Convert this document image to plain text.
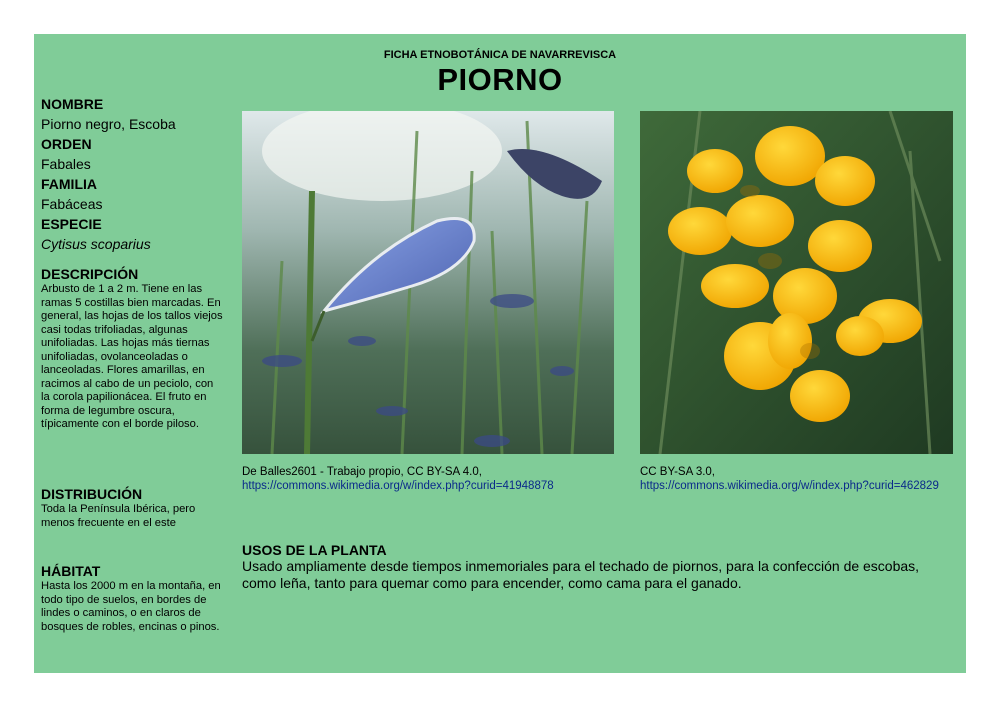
FICHA ETNOBOTÁNICA DE NAVARREVISCA
PIORNO
NOMBRE
Piorno negro, Escoba
ORDEN
Fabales
FAMILIA
Fabáceas
ESPECIE
Cytisus scoparius
DESCRIPCIÓN
Arbusto de 1 a 2 m. Tiene en las ramas 5 costillas bien marcadas. En general, las hojas de los tallos viejos casi todas trifoliadas, algunas unifoliadas. Las hojas más tiernas unifoliadas, ovolanceoladas o lanceoladas. Flores amarillas, en racimos al cabo de un peciolo, con la corola papilionácea. El fruto en forma de legumbre oscura, típicamente con el borde piloso.
DISTRIBUCIÓN
Toda la Península Ibérica, pero menos frecuente en el este
HÁBITAT
Hasta los 2000 m en la montaña, en todo tipo de suelos, en bordes de lindes o caminos, o en claros de bosques de robles, encinas o pinos.
De Balles2601 - Trabajo propio, CC BY-SA 4.0,
https://commons.wikimedia.org/w/index.php?curid=41948878
CC BY-SA 3.0,
https://commons.wikimedia.org/w/index.php?curid=462829
USOS DE LA PLANTA
Usado ampliamente desde tiempos inmemoriales para el techado de piornos, para la confección de escobas, como leña, tanto para quemar como para encender, como cama para el ganado.
